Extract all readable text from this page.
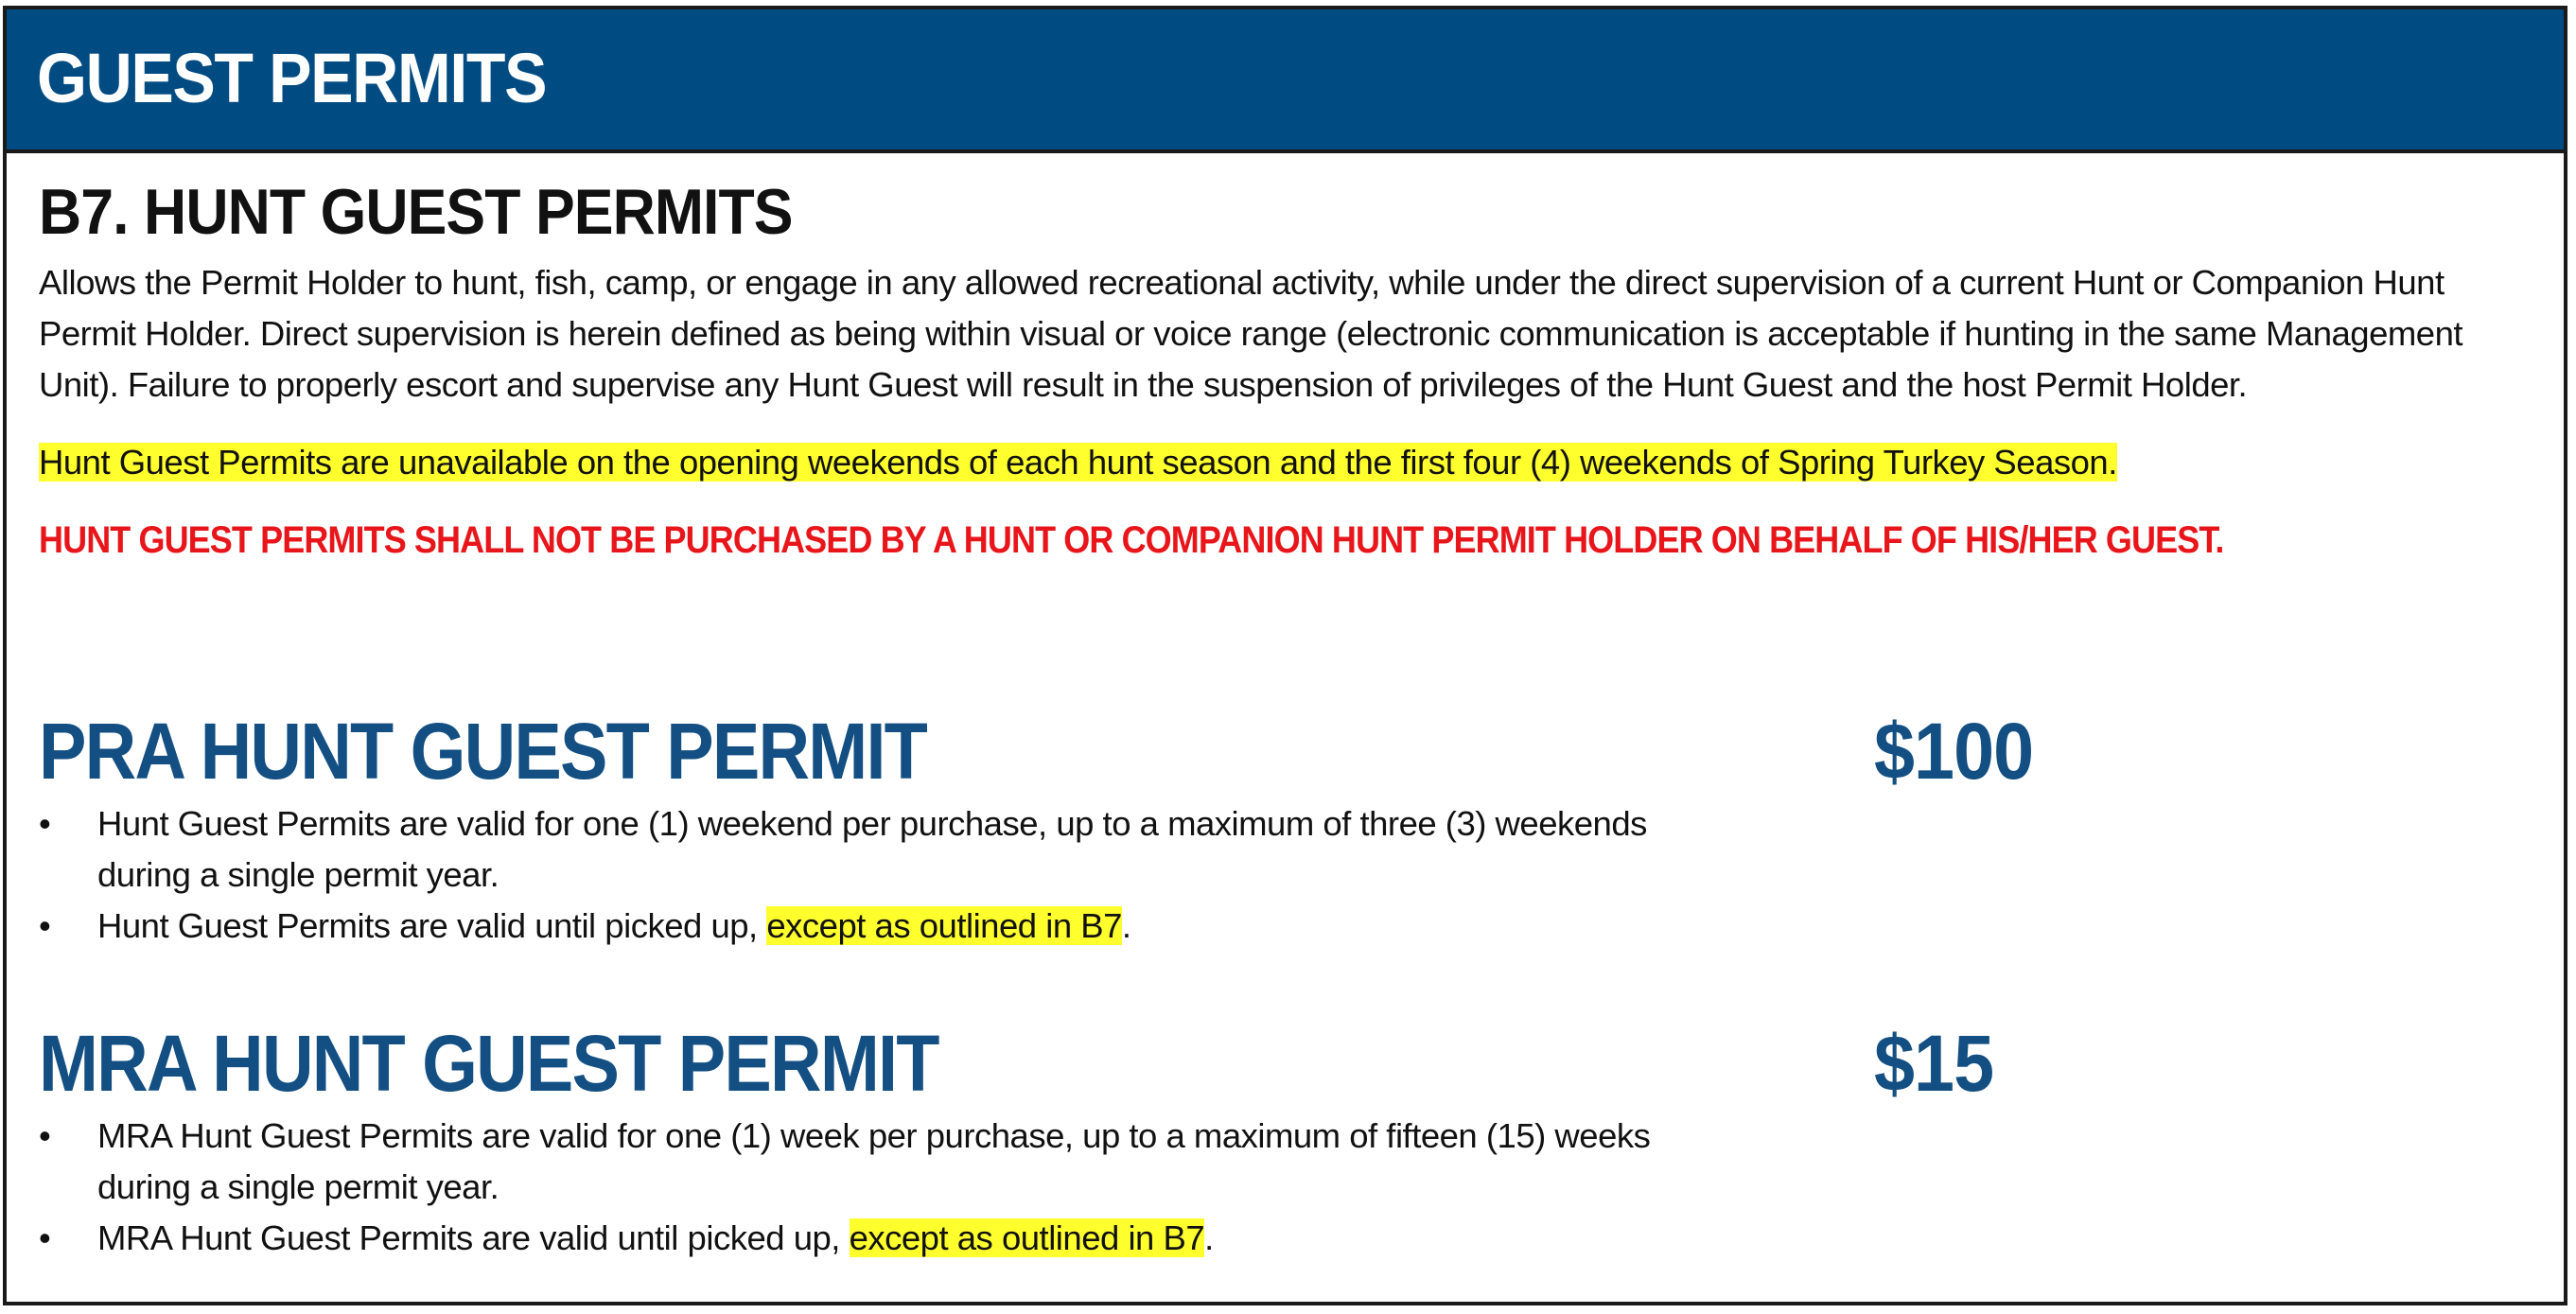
GUEST PERMITS
B7. HUNT GUEST PERMITS

Allows the Permit Holder to hunt, fish, camp, or engage in any allowed recreational activity, while under the direct supervision of a current Hunt or Companion Hunt Permit Holder. Direct supervision is herein defined as being within visual or voice range (electronic communication is acceptable if hunting in the same Management Unit). Failure to properly escort and supervise any Hunt Guest will result in the suspension of privileges of the Hunt Guest and the host Permit Holder.

Hunt Guest Permits are unavailable on the opening weekends of each hunt season and the first four (4) weekends of Spring Turkey Season.

HUNT GUEST PERMITS SHALL NOT BE PURCHASED BY A HUNT OR COMPANION HUNT PERMIT HOLDER ON BEHALF OF HIS/HER GUEST.

PRA HUNT GUEST PERMIT	$100
• Hunt Guest Permits are valid for one (1) weekend per purchase, up to a maximum of three (3) weekends during a single permit year.
• Hunt Guest Permits are valid until picked up, except as outlined in B7.
MRA HUNT GUEST PERMIT	$15
• MRA Hunt Guest Permits are valid for one (1) week per purchase, up to a maximum of fifteen (15) weeks during a single permit year.
• MRA Hunt Guest Permits are valid until picked up, except as outlined in B7.
